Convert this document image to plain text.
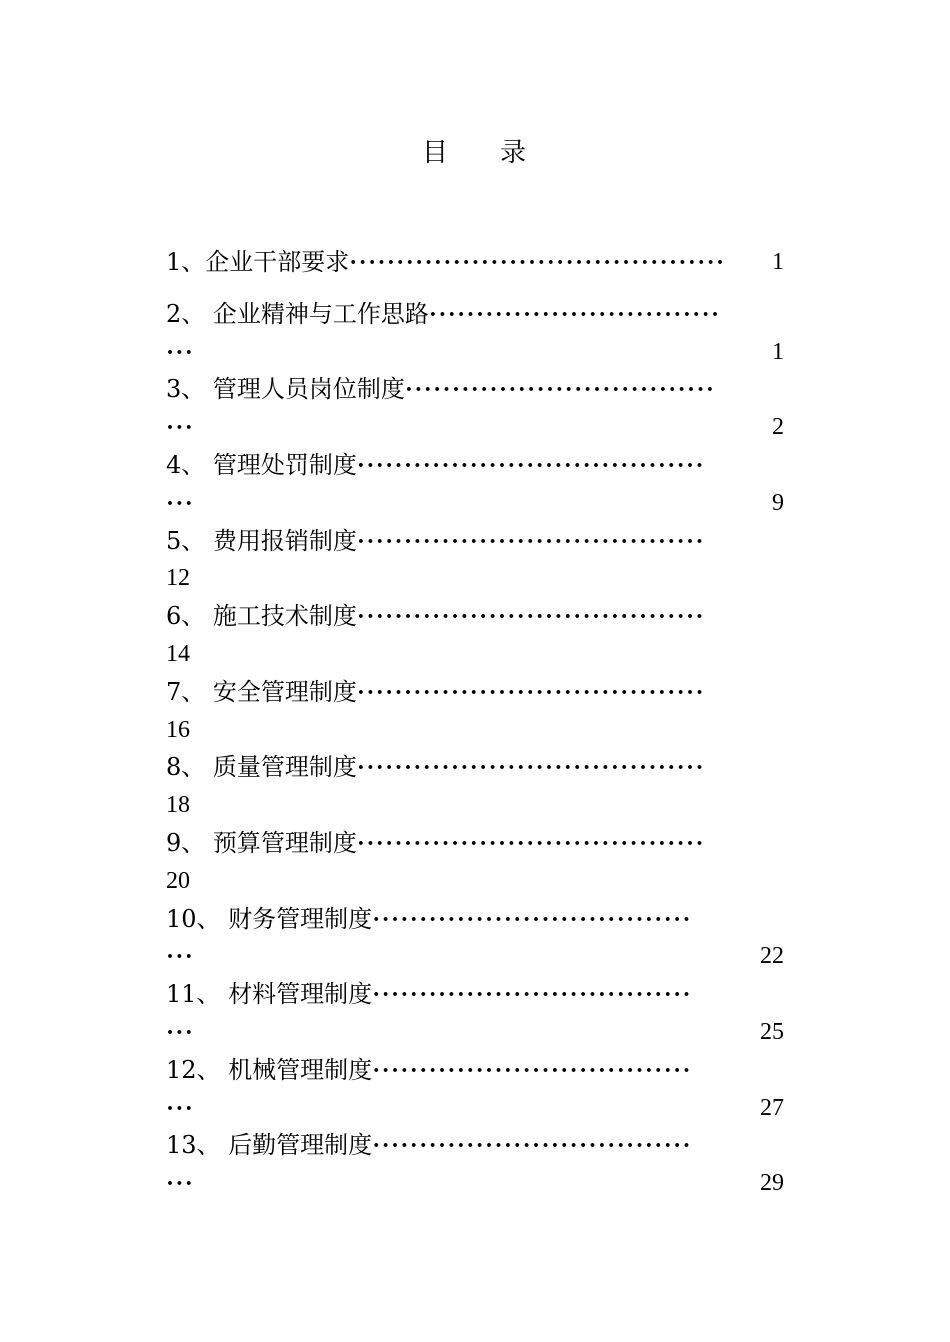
目 录
1、企业干部要求········································ 1
2、 企业精神与工作思路·······························
···	1
3、 管理人员岗位制度·································
···	2
4、 管理处罚制度·····································
···	9
5、 费用报销制度·····································
12
6、 施工技术制度·····································
14
7、 安全管理制度·····································
16
8、 质量管理制度·····································
18
9、 预算管理制度·····································
20
10、 财务管理制度··································
···	22
11、 材料管理制度··································
···	25
12、 机械管理制度··································
···	27
13、 后勤管理制度··································
···	29
